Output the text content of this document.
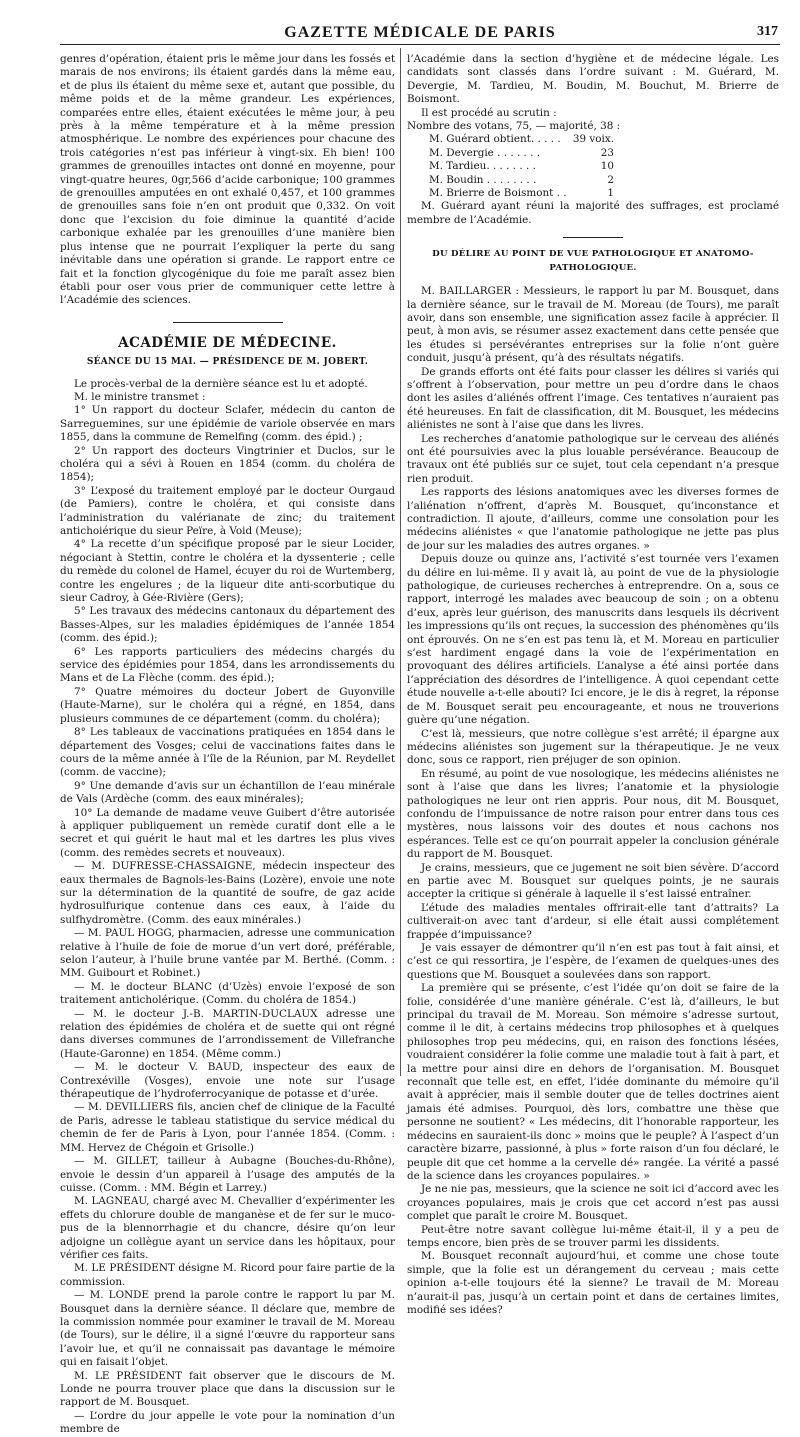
GAZETTE MÉDICALE DE PARIS	317

genres d’opération, étaient pris le même jour dans les fossés et marais de nos environs; ils étaient gardés dans la même eau, et de plus ils étaient du même sexe et, autant que possible, du même poids et de la même grandeur. Les expériences, comparées entre elles, étaient exécutées le même jour, à peu près à la même température et à la même pression atmosphérique. Le nombre des expériences pour chacune des trois catégories n’est pas inférieur à vingt-six. Eh bien! 100 grammes de grenouilles intactes ont donné en moyenne, pour vingt-quatre heures, 0gr,566 d’acide carbonique; 100 grammes de grenouilles amputées en ont exhalé 0,457, et 100 grammes de grenouilles sans foie n’en ont produit que 0,332. On voit donc que l’excision du foie diminue la quantité d’acide carbonique exhalée par les grenouilles d’une manière bien plus intense que ne pourrait l’expliquer la perte du sang inévitable dans une opération si grande. Le rapport entre ce fait et la fonction glycogénique du foie me paraît assez bien établi pour oser vous prier de communiquer cette lettre à l’Académie des sciences.

ACADÉMIE DE MÉDECINE.
SÉANCE DU 15 MAI. — PRÉSIDENCE DE M. JOBERT.

Le procès-verbal de la dernière séance est lu et adopté.

M. le ministre transmet :

1° Un rapport du docteur Sclafer, médecin du canton de Sarreguemines, sur une épidémie de variole observée en mars 1855, dans la commune de Remelfing (comm. des épid.) ;

2° Un rapport des docteurs Vingtrinier et Duclos, sur le choléra qui a sévi à Rouen en 1854 (comm. du choléra de 1854);

3° L’exposé du traitement employé par le docteur Ourgaud (de Pamiers), contre le choléra, et qui consiste dans l’administration du valérianate de zinc; du traitement antichoiérique du sieur Peïre, à Void (Meuse);

4° La recette d’un spécifique proposé par le sieur Locider, négociant à Stettin, contre le choléra et la dyssenterie ; celle du remède du colonel de Hamel, écuyer du roi de Wurtemberg, contre les engelures ; de la liqueur dite anti-scorbutique du sieur Cadroy, à Gée-Rivière (Gers);

5° Les travaux des médecins cantonaux du département des Basses-Alpes, sur les maladies épidémiques de l’année 1854 (comm. des épid.);

6° Les rapports particuliers des médecins chargés du service des épidémies pour 1854, dans les arrondissements du Mans et de La Flèche (comm. des épid.);

7° Quatre mémoires du docteur Jobert de Guyonville (Haute-Marne), sur le choléra qui a régné, en 1854, dans plusieurs communes de ce département (comm. du choléra);

8° Les tableaux de vaccinations pratiquées en 1854 dans le département des Vosges; celui de vaccinations faites dans le cours de la même année à l’île de la Réunion, par M. Reydellet (comm. de vaccine);

9° Une demande d’avis sur un échantillon de l’eau minérale de Vals (Ardèche (comm. des eaux minérales);

10° La demande de madame veuve Guibert d’être autorisée à appliquer publiquement un remède curatif dont elle a le secret et qui guérit le haut mal et les dartres les plus vives (comm. des remèdes secrets et nouveaux).

— M. DUFRESSE-CHASSAIGNE, médecin inspecteur des eaux thermales de Bagnols-les-Bains (Lozère), envoie une note sur la détermination de la quantité de soufre, de gaz acide hydrosulfurique contenue dans ces eaux, à l’aide du sulfhydromètre. (Comm. des eaux minérales.)

— M. PAUL HOGG, pharmacien, adresse une communication relative à l’huile de foie de morue d’un vert doré, préférable, selon l’auteur, à l’huile brune vantée par M. Berthé. (Comm. : MM. Guibourt et Robinet.)

— M. le docteur BLANC (d’Uzès) envoie l’exposé de son traitement anticholérique. (Comm. du choléra de 1854.)

— M. le docteur J.-B. MARTIN-DUCLAUX adresse une relation des épidémies de choléra et de suette qui ont régné dans diverses communes de l’arrondissement de Villefranche (Haute-Garonne) en 1854. (Même comm.)

— M. le docteur V. BAUD, inspecteur des eaux de Contrexéville (Vosges), envoie une note sur l’usage thérapeutique de l’hydroferrocyanique de potasse et d’urée.

— M. DEVILLIERS fils, ancien chef de clinique de la Faculté de Paris, adresse le tableau statistique du service médical du chemin de fer de Paris à Lyon, pour l’année 1854. (Comm. : MM. Hervez de Chégoin et Grisolle.)

— M. GILLET, tailleur à Aubagne (Bouches-du-Rhône), envoie le dessin d’un appareil à l’usage des amputés de la cuisse. (Comm. : MM. Bégin et Larrey.)

M. LAGNEAU, chargé avec M. Chevallier d’expérimenter les effets du chlorure double de manganèse et de fer sur le muco-pus de la blennorrhagie et du chancre, désire qu’on leur adjoigne un collègue ayant un service dans les hôpitaux, pour vérifier ces faits.

M. LE PRÉSIDENT désigne M. Ricord pour faire partie de la commission.

— M. LONDE prend la parole contre le rapport lu par M. Bousquet dans la dernière séance. Il déclare que, membre de la commission nommée pour examiner le travail de M. Moreau (de Tours), sur le délire, il a signé l’œuvre du rapporteur sans l’avoir lue, et qu’il ne connaissait pas davantage le mémoire qui en faisait l’objet.

M. LE PRÉSIDENT fait observer que le discours de M. Londe ne pourra trouver place que dans la discussion sur le rapport de M. Bousquet.

— L’ordre du jour appelle le vote pour la nomination d’un membre de

l’Académie dans la section d’hygiène et de médecine légale. Les candidats sont classés dans l’ordre suivant : M. Guérard, M. Devergie, M. Tardieu, M. Boudin, M. Bouchut, M. Brierre de Boismont.

Il est procédé au scrutin :

Nombre des votans, 75, — majorité, 38 :

M. Guérard obtient. . . . . 39 voix.
M. Devergie . . . . . . .	23
M. Tardieu. . . . . . . .	10
M. Boudin . . . . . . . .	2
M. Brierre de Boismont . .	1

M. Guérard ayant réuni la majorité des suffrages, est proclamé membre de l’Académie.

DU DÉLIRE AU POINT DE VUE PATHOLOGIQUE ET ANATOMO-PATHOLOGIQUE.

M. BAILLARGER : Messieurs, le rapport lu par M. Bousquet, dans la dernière séance, sur le travail de M. Moreau (de Tours), me paraît avoir, dans son ensemble, une signification assez facile à apprécier. Il peut, à mon avis, se résumer assez exactement dans cette pensée que les études si persévérantes entreprises sur la folie n’ont guère conduit, jusqu’à présent, qu’à des résultats négatifs.

De grands efforts ont été faits pour classer les délires si variés qui s’offrent à l’observation, pour mettre un peu d’ordre dans le chaos dont les asiles d’aliénés offrent l’image. Ces tentatives n’auraient pas été heureuses. En fait de classification, dit M. Bousquet, les médecins aliénistes ne sont à l’aise que dans les livres.

Les recherches d’anatomie pathologique sur le cerveau des aliénés ont été poursuivies avec la plus louable persévérance. Beaucoup de travaux ont été publiés sur ce sujet, tout cela cependant n’a presque rien produit.

Les rapports des lésions anatomiques avec les diverses formes de l’aliénation n’offrent, d’après M. Bousquet, qu’inconstance et contradiction. Il ajoute, d’ailleurs, comme une consolation pour les médecins aliénistes « que l’anatomie pathologique ne jette pas plus de jour sur les maladies des autres organes. »

Depuis douze ou quinze ans, l’activité s’est tournée vers l’examen du délire en lui-même. Il y avait là, au point de vue de la physiologie pathologique, de curieuses recherches à entreprendre. On a, sous ce rapport, interrogé les malades avec beaucoup de soin ; on a obtenu d’eux, après leur guérison, des manuscrits dans lesquels ils décrivent les impressions qu’ils ont reçues, la succession des phénomènes qu’ils ont éprouvés. On ne s’en est pas tenu là, et M. Moreau en particulier s’est hardiment engagé dans la voie de l’expérimentation en provoquant des délires artificiels. L’analyse a été ainsi portée dans l’appréciation des désordres de l’intelligence. À quoi cependant cette étude nouvelle a-t-elle abouti? Ici encore, je le dis à regret, la réponse de M. Bousquet serait peu encourageante, et nous ne trouverions guère qu’une négation.

C’est là, messieurs, que notre collègue s’est arrêté; il épargne aux médecins aliénistes son jugement sur la thérapeutique. Je ne veux donc, sous ce rapport, rien préjuger de son opinion.

En résumé, au point de vue nosologique, les médecins aliénistes ne sont à l’aise que dans les livres; l’anatomie et la physiologie pathologiques ne leur ont rien appris. Pour nous, dit M. Bousquet, confondu de l’impuissance de notre raison pour entrer dans tous ces mystères, nous laissons voir des doutes et nous cachons nos espérances. Telle est ce qu’on pourrait appeler la conclusion générale du rapport de M. Bousquet.

Je crains, messieurs, que ce jugement ne soit bien sévère. D’accord en partie avec M. Bousquet sur quelques points, je ne saurais accepter la critique si générale à laquelle il s’est laissé entraîner.

L’étude des maladies mentales offrirait-elle tant d’attraits? La cultiverait-on avec tant d’ardeur, si elle était aussi complétement frappée d’impuissance?

Je vais essayer de démontrer qu’il n’en est pas tout à fait ainsi, et c’est ce qui ressortira, je l’espère, de l’examen de quelques-unes des questions que M. Bousquet a soulevées dans son rapport.

La première qui se présente, c’est l’idée qu’on doit se faire de la folie, considérée d’une manière générale. C’est là, d’ailleurs, le but principal du travail de M. Moreau. Son mémoire s’adresse surtout, comme il le dit, à certains médecins trop philosophes et à quelques philosophes trop peu médecins, qui, en raison des fonctions lésées, voudraient considérer la folie comme une maladie tout à fait à part, et la mettre pour ainsi dire en dehors de l’organisation. M. Bousquet reconnaît que telle est, en effet, l’idée dominante du mémoire qu’il avait à apprécier, mais il semble douter que de telles doctrines aient jamais été admises. Pourquoi, dès lors, combattre une thèse que personne ne soutient? « Les médecins, dit l’honorable rapporteur, les médecins en sauraient-ils donc » moins que le peuple? À l’aspect d’un caractère bizarre, passionné, à plus » forte raison d’un fou déclaré, le peuple dit que cet homme a la cervelle dé» rangée. La vérité a passé de la science dans les croyances populaires. »

Je ne nie pas, messieurs, que la science ne soit ici d’accord avec les croyances populaires, mais je crois que cet accord n’est pas aussi complet que paraît le croire M. Bousquet.

Peut-être notre savant collègue lui-même était-il, il y a peu de temps encore, bien près de se trouver parmi les dissidents.

M. Bousquet reconnaît aujourd’hui, et comme une chose toute simple, que la folie est un dérangement du cerveau ; mais cette opinion a-t-elle toujours été la sienne? Le travail de M. Moreau n’aurait-il pas, jusqu’à un certain point et dans de certaines limites, modifié ses idées?
